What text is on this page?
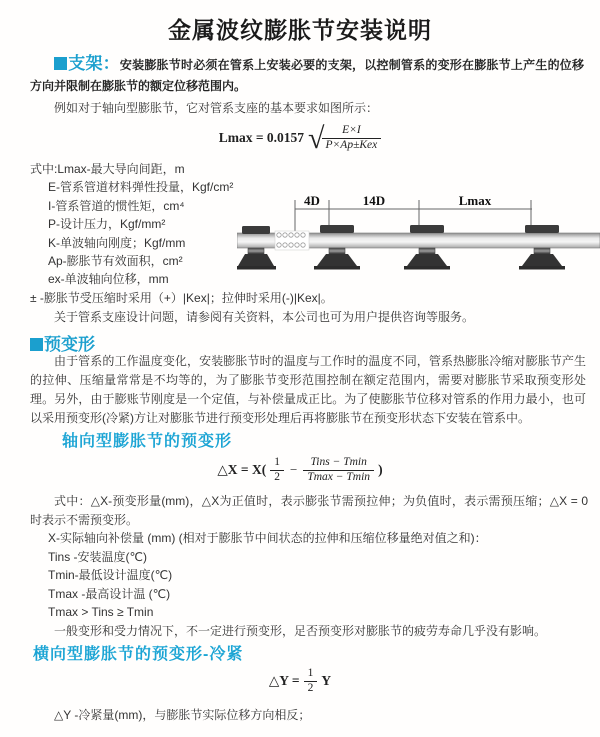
金属波纹膨胀节安装说明

支架：安装膨胀节时必须在管系上安装必要的支架，以控制管系的变形在膨胀节上产生的位移方向并限制在膨胀节的额定位移范围内。

例如对于轴向型膨胀节，它对管系支座的基本要求如图所示：

Lmax = 0.0157 √
$\frac{E\times I}{\text{P×Ap±Kex}}$
式中:Lmax-最大导向间距，m
E-管系管道材料弹性投量，Kgf/cm²
I-管系管道的惯性矩，cm⁴
P-设计压力，Kgf/mm²
K-单波轴向刚度；Kgf/mm
Ap-膨胀节有效面积，cm²
ex-单波轴向位移，mm
± -膨胀节受压缩时采用（+）|Kex|；拉伸时采用(-)|Kex|。

关于管系支座设计问题，请参阅有关资料，本公司也可为用户提供咨询等服务。

4D	14D	Lmax
预变形

由于管系的工作温度变化，安装膨胀节时的温度与工作时的温度不同，管系热膨胀冷缩对膨胀节产生的拉伸、压缩量常常是不均等的，为了膨胀节变形范围控制在额定范围内，需要对膨胀节采取预变形处理。另外，由于膨账节刚度是一个定值，与补偿量成正比。为了使膨胀节位移对管系的作用力最小，也可以采用预变形(冷紧)方让对膨胀节进行预变形处理后再将膨胀节在预变形状态下安装在管系中。

轴向型膨胀节的预变形
△X = $X( \frac{1}{2} - \frac{\text{Tins − Tmin}}{Tmax - Tmin}$ )

式中：△X-预变形量(mm)，△X为正值时，表示膨张节需预拉伸；为负值时，表示需预压缩；△X = 0时表示不需预变形。

X-实际轴向补偿量 (mm) (相对于膨胀节中间状态的拉伸和压缩位移量绝对值之和)：

Tins -安装温度(℃)

Tmin-最低设计温度(℃)

Tmax -最高设计温 (℃)

Tmax > Tins ≥ Tmin

一般变形和受力情况下，不一定进行预变形，足否预变形对膨胀节的疲劳寿命几乎没有影响。

横向型膨胀节的预变形-冷紧
△Y = $\frac{1}{2}$ Y

△Y -冷紧量(mm)，与膨胀节实际位移方向相反；
